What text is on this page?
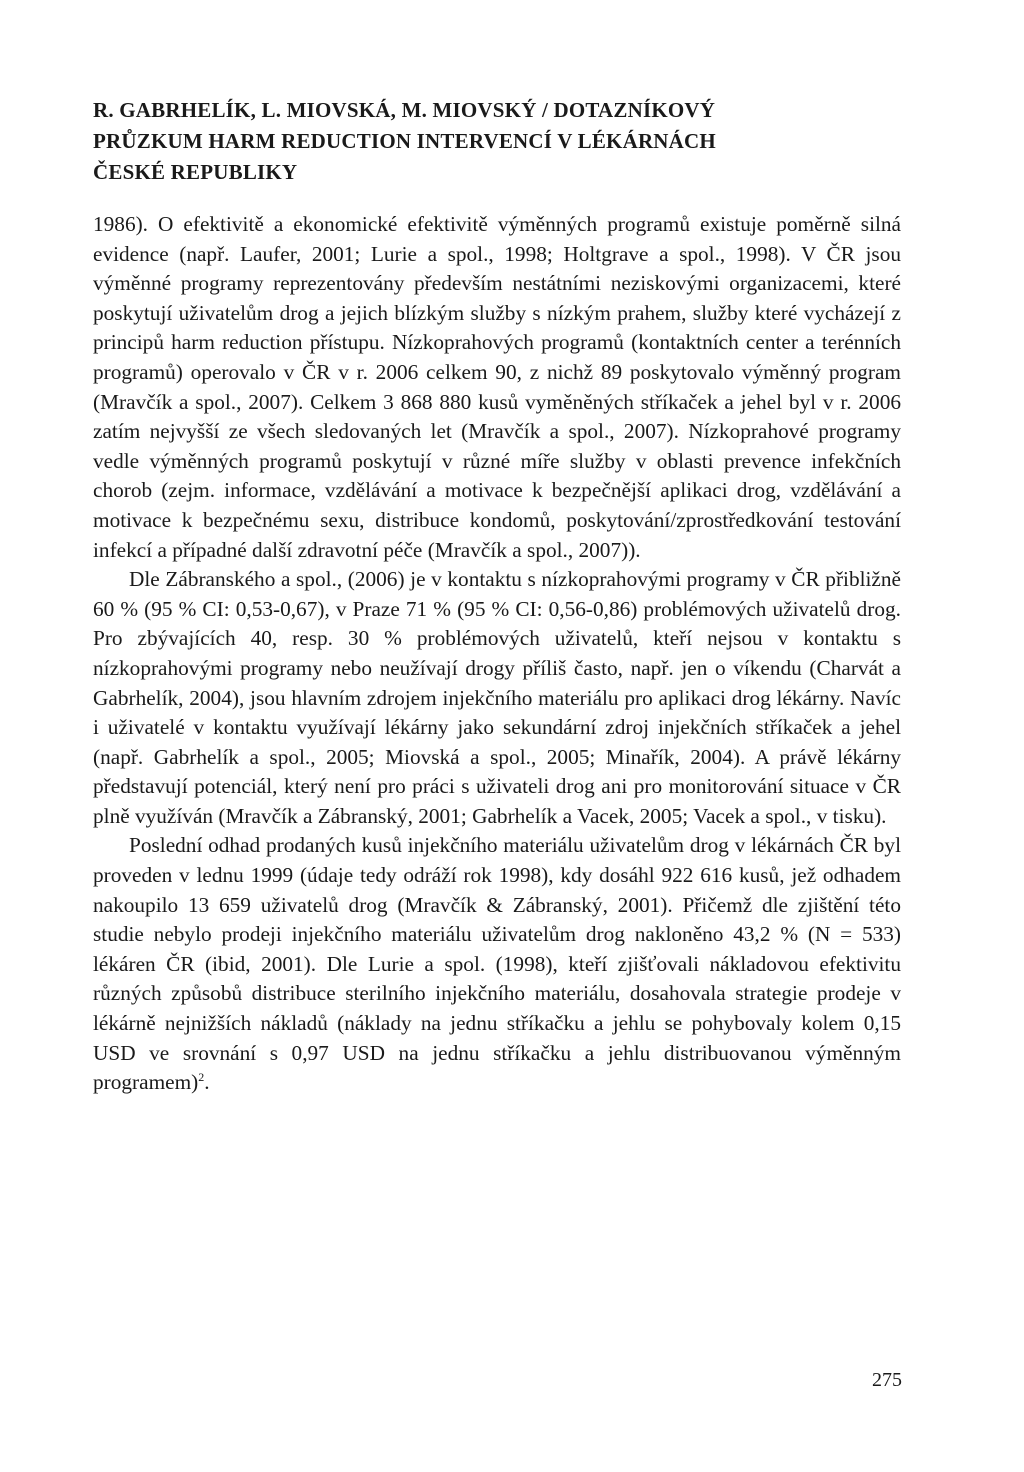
R. GABRHELÍK, L. MIOVSKÁ, M. MIOVSKÝ / DOTAZNÍKOVÝ
PRŮZKUM HARM REDUCTION INTERVENCÍ V LÉKÁRNÁCH
ČESKÉ REPUBLIKY

1986). O efektivitě a ekonomické efektivitě výměnných programů existuje poměrně silná evidence (např. Laufer, 2001; Lurie a spol., 1998; Holtgrave a spol., 1998). V ČR jsou výměnné programy reprezentovány především nestátními neziskovými organizacemi, které poskytují uživatelům drog a jejich blízkým služby s nízkým prahem, služby které vycházejí z principů harm reduction přístupu. Nízkoprahových programů (kontaktních center a terénních programů) operovalo v ČR v r. 2006 celkem 90, z nichž 89 poskytovalo výměnný program (Mravčík a spol., 2007). Celkem 3 868 880 kusů vyměněných stříkaček a jehel byl v r. 2006 zatím nejvyšší ze všech sledovaných let (Mravčík a spol., 2007). Nízkoprahové programy vedle výměnných programů poskytují v různé míře služby v oblasti prevence infekčních chorob (zejm. informace, vzdělávání a motivace k bezpečnější aplikaci drog, vzdělávání a motivace k bezpečnému sexu, distribuce kondomů, poskytování/zprostředkování testování infekcí a případné další zdravotní péče (Mravčík a spol., 2007)).

Dle Zábranského a spol., (2006) je v kontaktu s nízkoprahovými programy v ČR přibližně 60 % (95 % CI: 0,53-0,67), v Praze 71 % (95 % CI: 0,56-0,86) problémových uživatelů drog. Pro zbývajících 40, resp. 30 % problémových uživatelů, kteří nejsou v kontaktu s nízkoprahovými programy nebo neužívají drogy příliš často, např. jen o víkendu (Charvát a Gabrhelík, 2004), jsou hlavním zdrojem injekčního materiálu pro aplikaci drog lékárny. Navíc i uživatelé v kontaktu využívají lékárny jako sekundární zdroj injekčních stříkaček a jehel (např. Gabrhelík a spol., 2005; Miovská a spol., 2005; Minařík, 2004). A právě lékárny představují potenciál, který není pro práci s uživateli drog ani pro monitorování situace v ČR plně využíván (Mravčík a Zábranský, 2001; Gabrhelík a Vacek, 2005; Vacek a spol., v tisku).

Poslední odhad prodaných kusů injekčního materiálu uživatelům drog v lékárnách ČR byl proveden v lednu 1999 (údaje tedy odráží rok 1998), kdy dosáhl 922 616 kusů, jež odhadem nakoupilo 13 659 uživatelů drog (Mravčík & Zábranský, 2001). Přičemž dle zjištění této studie nebylo prodeji injekčního materiálu uživatelům drog nakloněno 43,2 % (N = 533) lékáren ČR (ibid, 2001). Dle Lurie a spol. (1998), kteří zjišťovali nákladovou efektivitu různých způsobů distribuce sterilního injekčního materiálu, dosahovala strategie prodeje v lékárně nejnižších nákladů (náklady na jednu stříkačku a jehlu se pohybovaly kolem 0,15 USD ve srovnání s 0,97 USD na jednu stříkačku a jehlu distribuovanou výměnným programem)$^2$.

275
